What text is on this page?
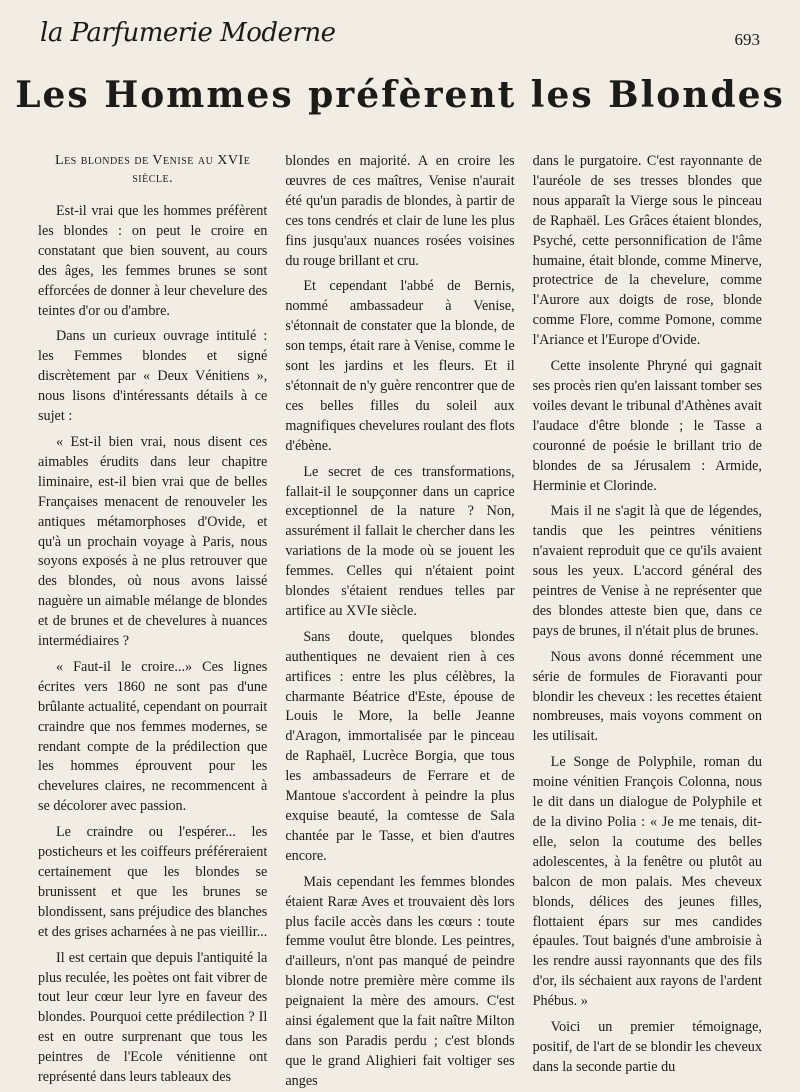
la Parfumerie Moderne	693
Les Hommes préfèrent les Blondes
Les blondes de Venise au XVIe siècle.

Est-il vrai que les hommes préfèrent les blondes : on peut le croire en constatant que bien souvent, au cours des âges, les femmes brunes se sont efforcées de donner à leur chevelure des teintes d'or ou d'ambre.

Dans un curieux ouvrage intitulé : les Femmes blondes et signé discrètement par « Deux Vénitiens », nous lisons d'intéressants détails à ce sujet :

« Est-il bien vrai, nous disent ces aimables érudits dans leur chapitre liminaire, est-il bien vrai que de belles Françaises menacent de renouveler les antiques métamorphoses d'Ovide, et qu'à un prochain voyage à Paris, nous soyons exposés à ne plus retrouver que des blondes, où nous avons laissé naguère un aimable mélange de blondes et de brunes et de chevelures à nuances intermédiaires ?

« Faut-il le croire...» Ces lignes écrites vers 1860 ne sont pas d'une brûlante actualité, cependant on pourrait craindre que nos femmes modernes, se rendant compte de la prédilection que les hommes éprouvent pour les chevelures claires, ne recommencent à se décolorer avec passion.

Le craindre ou l'espérer... les posticheurs et les coiffeurs préféreraient certainement que les blondes se brunissent et que les brunes se blondissent, sans préjudice des blanches et des grises acharnées à ne pas vieillir...

Il est certain que depuis l'antiquité la plus reculée, les poètes ont fait vibrer de tout leur cœur leur lyre en faveur des blondes. Pourquoi cette prédilection ? Il est en outre surprenant que tous les peintres de l'Ecole vénitienne ont représenté dans leurs tableaux des

blondes en majorité. A en croire les œuvres de ces maîtres, Venise n'aurait été qu'un paradis de blondes, à partir de ces tons cendrés et clair de lune les plus fins jusqu'aux nuances rosées voisines du rouge brillant et cru.

Et cependant l'abbé de Bernis, nommé ambassadeur à Venise, s'étonnait de constater que la blonde, de son temps, était rare à Venise, comme le sont les jardins et les fleurs. Et il s'étonnait de n'y guère rencontrer que de ces belles filles du soleil aux magnifiques chevelures roulant des flots d'ébène.

Le secret de ces transformations, fallait-il le soupçonner dans un caprice exceptionnel de la nature ? Non, assurément il fallait le chercher dans les variations de la mode où se jouent les femmes. Celles qui n'étaient point blondes s'étaient rendues telles par artifice au XVIe siècle.

Sans doute, quelques blondes authentiques ne devaient rien à ces artifices : entre les plus célèbres, la charmante Béatrice d'Este, épouse de Louis le More, la belle Jeanne d'Aragon, immortalisée par le pinceau de Raphaël, Lucrèce Borgia, que tous les ambassadeurs de Ferrare et de Mantoue s'accordent à peindre la plus exquise beauté, la comtesse de Sala chantée par le Tasse, et bien d'autres encore.

Mais cependant les femmes blondes étaient Raræ Aves et trouvaient dès lors plus facile accès dans les cœurs : toute femme voulut être blonde. Les peintres, d'ailleurs, n'ont pas manqué de peindre blonde notre première mère comme ils peignaient la mère des amours. C'est ainsi également que la fait naître Milton dans son Paradis perdu ; c'est blonds que le grand Alighieri fait voltiger ses anges

dans le purgatoire. C'est rayonnante de l'auréole de ses tresses blondes que nous apparaît la Vierge sous le pinceau de Raphaël. Les Grâces étaient blondes, Psyché, cette personnification de l'âme humaine, était blonde, comme Minerve, protectrice de la chevelure, comme l'Aurore aux doigts de rose, blonde comme Flore, comme Pomone, comme l'Ariance et l'Europe d'Ovide.

Cette insolente Phryné qui gagnait ses procès rien qu'en laissant tomber ses voiles devant le tribunal d'Athènes avait l'audace d'être blonde ; le Tasse a couronné de poésie le brillant trio de blondes de sa Jérusalem : Armide, Herminie et Clorinde.

Mais il ne s'agit là que de légendes, tandis que les peintres vénitiens n'avaient reproduit que ce qu'ils avaient sous les yeux. L'accord général des peintres de Venise à ne représenter que des blondes atteste bien que, dans ce pays de brunes, il n'était plus de brunes.

Nous avons donné récemment une série de formules de Fioravanti pour blondir les cheveux : les recettes étaient nombreuses, mais voyons comment on les utilisait.

Le Songe de Polyphile, roman du moine vénitien François Colonna, nous le dit dans un dialogue de Polyphile et de la divino Polia : « Je me tenais, dit-elle, selon la coutume des belles adolescentes, à la fenêtre ou plutôt au balcon de mon palais. Mes cheveux blonds, délices des jeunes filles, flottaient épars sur mes candides épaules. Tout baignés d'une ambroisie à les rendre aussi rayonnants que des fils d'or, ils séchaient aux rayons de l'ardent Phébus. »

Voici un premier témoignage, positif, de l'art de se blondir les cheveux dans la seconde partie du
